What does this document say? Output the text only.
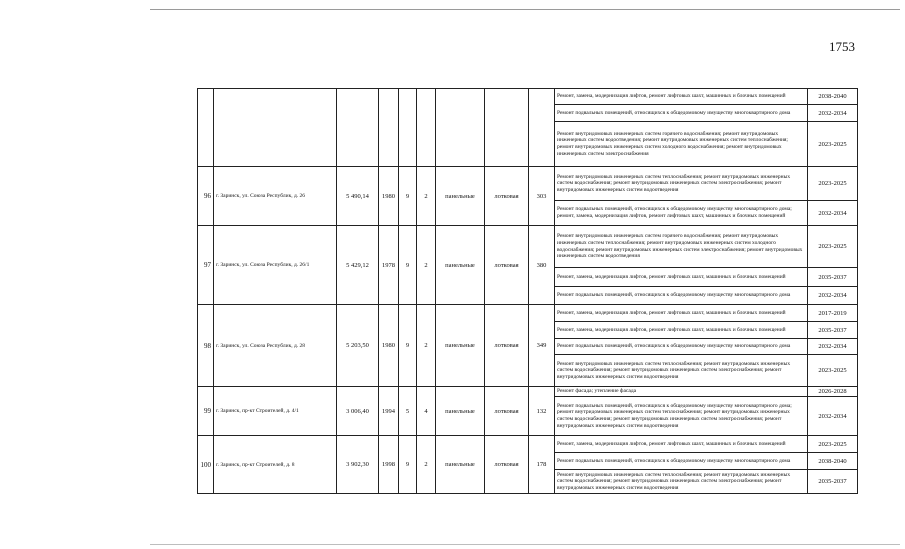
1753
									Ремонт, замена, модернизация лифтов, ремонт лифтовых шахт, машинных и блочных помещений	2038-2040
									Ремонт подвальных помещений, относящихся к общедомовому имуществу многоквартирного дома	2032-2034
									Ремонт внутридомовых инженерных систем горячего водоснабжения; ремонт внутридомовых инженерных систем водоотведения; ремонт внутридомовых инженерных систем теплоснабжения; ремонт внутридомовых инженерных систем холодного водоснабжения; ремонт внутридомовых инженерных систем электроснабжения	2023-2025
96	г. Заринск, ул. Союза Республик, д. 26	5 490,14	1980	9	2	панельные	лотковая	303	Ремонт внутридомовых инженерных систем теплоснабжения; ремонт внутридомовых инженерных систем водоснабжения; ремонт внутридомовых инженерных систем электроснабжения; ремонт внутридомовых инженерных систем водоотведения	2023-2025
									Ремонт подвальных помещений, относящихся к общедомовому имуществу многоквартирного дома; ремонт, замена, модернизация лифтов, ремонт лифтовых шахт, машинных и блочных помещений	2032-2034
97	г. Заринск, ул. Союза Республик, д. 26/1	5 429,12	1978	9	2	панельные	лотковая	380	Ремонт внутридомовых инженерных систем горячего водоснабжения; ремонт внутридомовых инженерных систем теплоснабжения; ремонт внутридомовых инженерных систем холодного водоснабжения; ремонт внутридомовых инженерных систем электроснабжения; ремонт внутридомовых инженерных систем водоотведения	2023-2025
									Ремонт, замена, модернизация лифтов, ремонт лифтовых шахт, машинных и блочных помещений	2035-2037
									Ремонт подвальных помещений, относящихся к общедомовому имуществу многоквартирного дома	2032-2034
98	г. Заринск, ул. Союза Республик, д. 28	5 203,50	1980	9	2	панельные	лотковая	349	Ремонт, замена, модернизация лифтов, ремонт лифтовых шахт, машинных и блочных помещений	2017-2019
									Ремонт, замена, модернизация лифтов, ремонт лифтовых шахт, машинных и блочных помещений	2035-2037
									Ремонт подвальных помещений, относящихся к общедомовому имуществу многоквартирного дома	2032-2034
									Ремонт внутридомовых инженерных систем теплоснабжения; ремонт внутридомовых инженерных систем водоснабжения; ремонт внутридомовых инженерных систем электроснабжения; ремонт внутридомовых инженерных систем водоотведения	2023-2025
99	г. Заринск, пр-кт Строителей, д. 4/1	3 006,40	1994	5	4	панельные	лотковая	132	Ремонт фасада; утепление фасада	2026-2028
									Ремонт подвальных помещений, относящихся к общедомовому имуществу многоквартирного дома; ремонт внутридомовых инженерных систем теплоснабжения; ремонт внутридомовых инженерных систем водоснабжения; ремонт внутридомовых инженерных систем электроснабжения; ремонт внутридомовых инженерных систем водоотведения	2032-2034
100	г. Заринск, пр-кт Строителей, д. 8	3 902,30	1998	9	2	панельные	лотковая	178	Ремонт, замена, модернизация лифтов, ремонт лифтовых шахт, машинных и блочных помещений	2023-2025
									Ремонт подвальных помещений, относящихся к общедомовому имуществу многоквартирного дома	2038-2040
									Ремонт внутридомовых инженерных систем теплоснабжения; ремонт внутридомовых инженерных систем водоснабжения; ремонт внутридомовых инженерных систем электроснабжения; ремонт внутридомовых инженерных систем водоотведения	2035-2037
